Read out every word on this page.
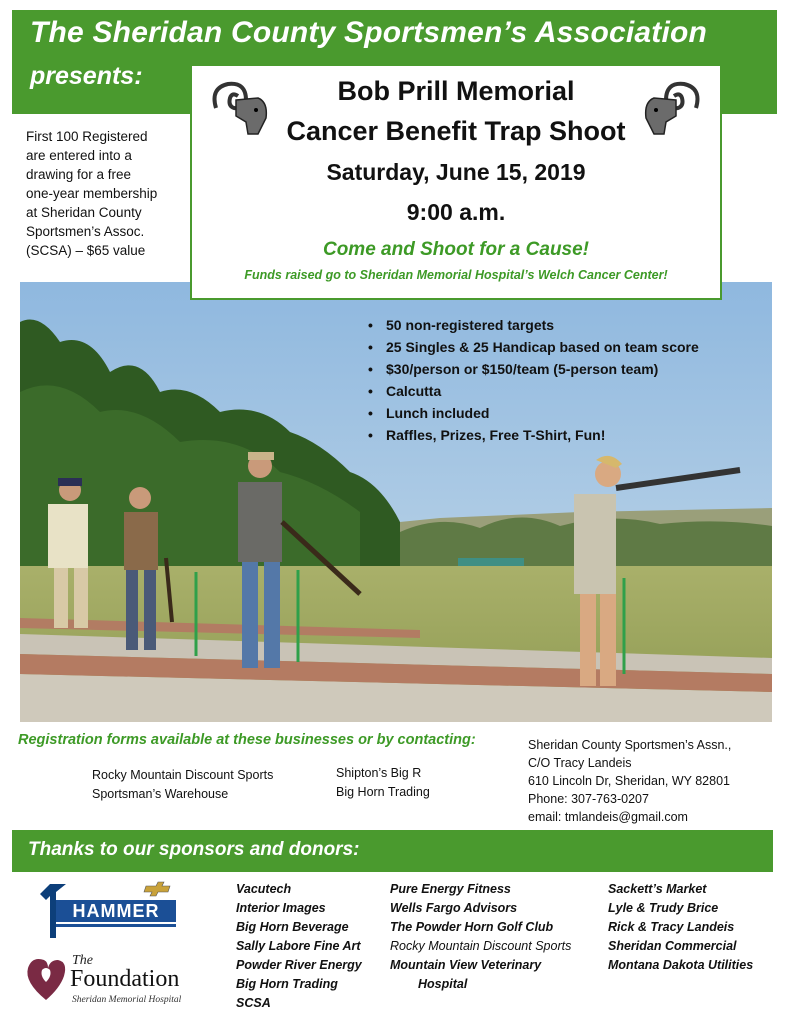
The Sheridan County Sportsmen’s Association
presents:
First 100 Registered
are entered into a
drawing for a free
one-year membership
at Sheridan County
Sportsmen’s Assoc.
(SCSA) – $65 value
• 50 non-registered targets
• 25 Singles & 25 Handicap based on team score
• $30/person or $150/team (5-person team)
• Calcutta
• Lunch included
• Raffles, Prizes, Free T-Shirt, Fun!
Bob Prill Memorial
Cancer Benefit Trap Shoot
Saturday, June 15, 2019
9:00 a.m.
Come and Shoot for a Cause!
Funds raised go to Sheridan Memorial Hospital’s Welch Cancer Center!
Registration forms available at these businesses or by contacting:
Rocky Mountain Discount Sports
Sportsman’s Warehouse
Shipton’s Big R
Big Horn Trading
Sheridan County Sportsmen’s Assn.,
C/O Tracy Landeis
610 Lincoln Dr, Sheridan, WY 82801
Phone: 307-763-0207
email: tmlandeis@gmail.com
Thanks to our sponsors and donors:
HAMMER
The
Foundation
Sheridan Memorial Hospital
Vacutech
Interior Images
Big Horn Beverage
Sally Labore Fine Art
Powder River Energy
Big Horn Trading
SCSA
Pure Energy Fitness
Wells Fargo Advisors
The Powder Horn Golf Club
Rocky Mountain Discount Sports
Mountain View Veterinary
Hospital
Sackett’s Market
Lyle & Trudy Brice
Rick & Tracy Landeis
Sheridan Commercial
Montana Dakota Utilities
